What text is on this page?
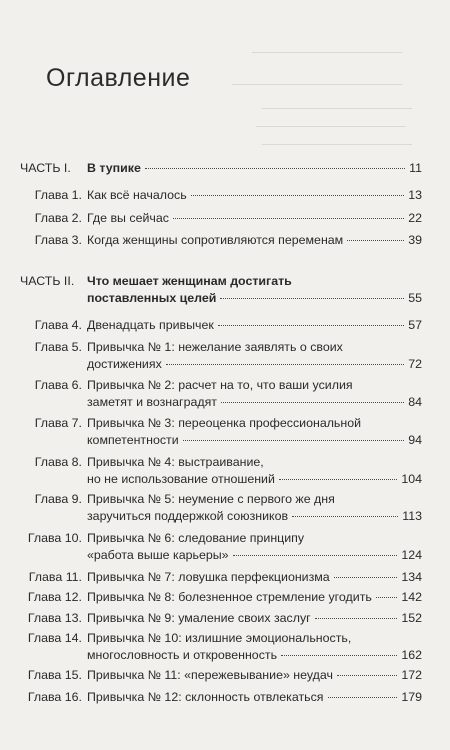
Оглавление
ЧАСТЬ I. В тупике	11
Глава 1. Как всё началось	13
Глава 2. Где вы сейчас	22
Глава 3. Когда женщины сопротивляются переменам	39
ЧАСТЬ II. Что мешает женщинам достигать
поставленных целей	55
Глава 4. Двенадцать привычек	57
Глава 5. Привычка № 1: нежелание заявлять о своих
достижениях	72
Глава 6. Привычка № 2: расчет на то, что ваши усилия
заметят и вознаградят	84
Глава 7. Привычка № 3: переоценка профессиональной
компетентности	94
Глава 8. Привычка № 4: выстраивание,
но не использование отношений	104
Глава 9. Привычка № 5: неумение с первого же дня
заручиться поддержкой союзников	113
Глава 10. Привычка № 6: следование принципу
«работа выше карьеры»	124
Глава 11. Привычка № 7: ловушка перфекционизма	134
Глава 12. Привычка № 8: болезненное стремление угодить 142
Глава 13. Привычка № 9: умаление своих заслуг	152
Глава 14. Привычка № 10: излишние эмоциональность,
многословность и откровенность	162
Глава 15. Привычка № 11: «пережевывание» неудач	172
Глава 16. Привычка № 12: склонность отвлекаться	179
